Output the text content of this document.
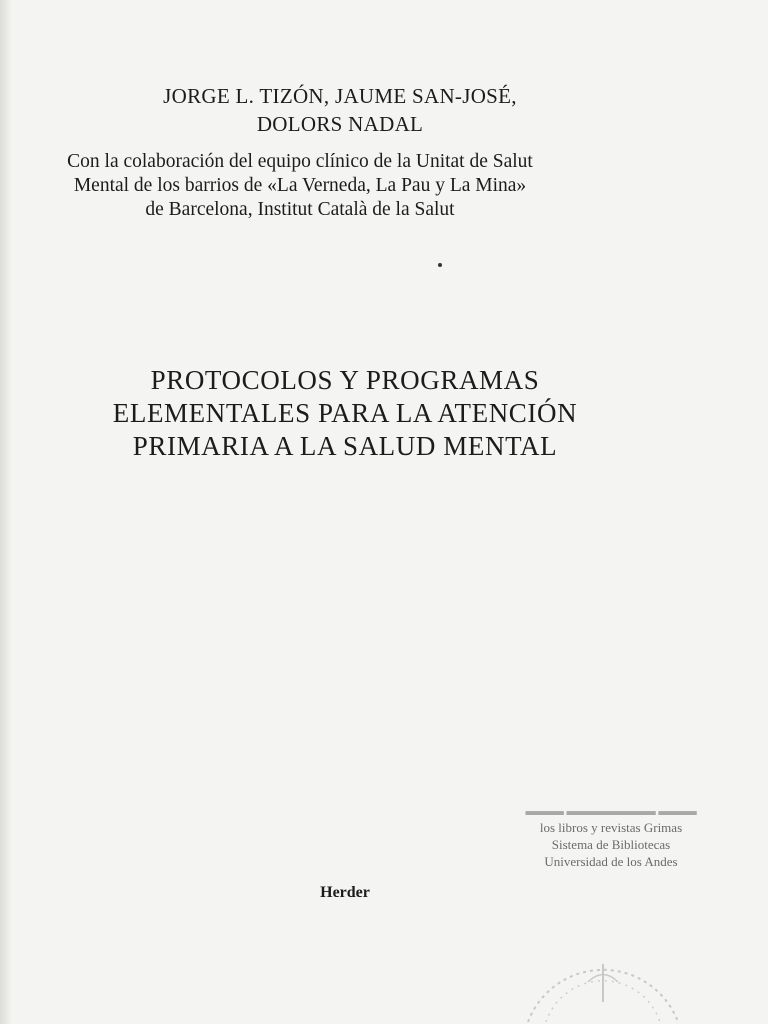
JORGE L. TIZÓN, JAUME SAN-JOSÉ,
DOLORS NADAL
Con la colaboración del equipo clínico de la Unitat de Salut
Mental de los barrios de «La Verneda, La Pau y La Mina»
de Barcelona, Institut Català de la Salut
PROTOCOLOS Y PROGRAMAS
ELEMENTALES PARA LA ATENCIÓN
PRIMARIA A LA SALUD MENTAL
▬▬▬ ▬▬▬▬▬▬▬ ▬▬▬
los libros y revistas Grimas
Sistema de Bibliotecas
Universidad de los Andes
Herder
